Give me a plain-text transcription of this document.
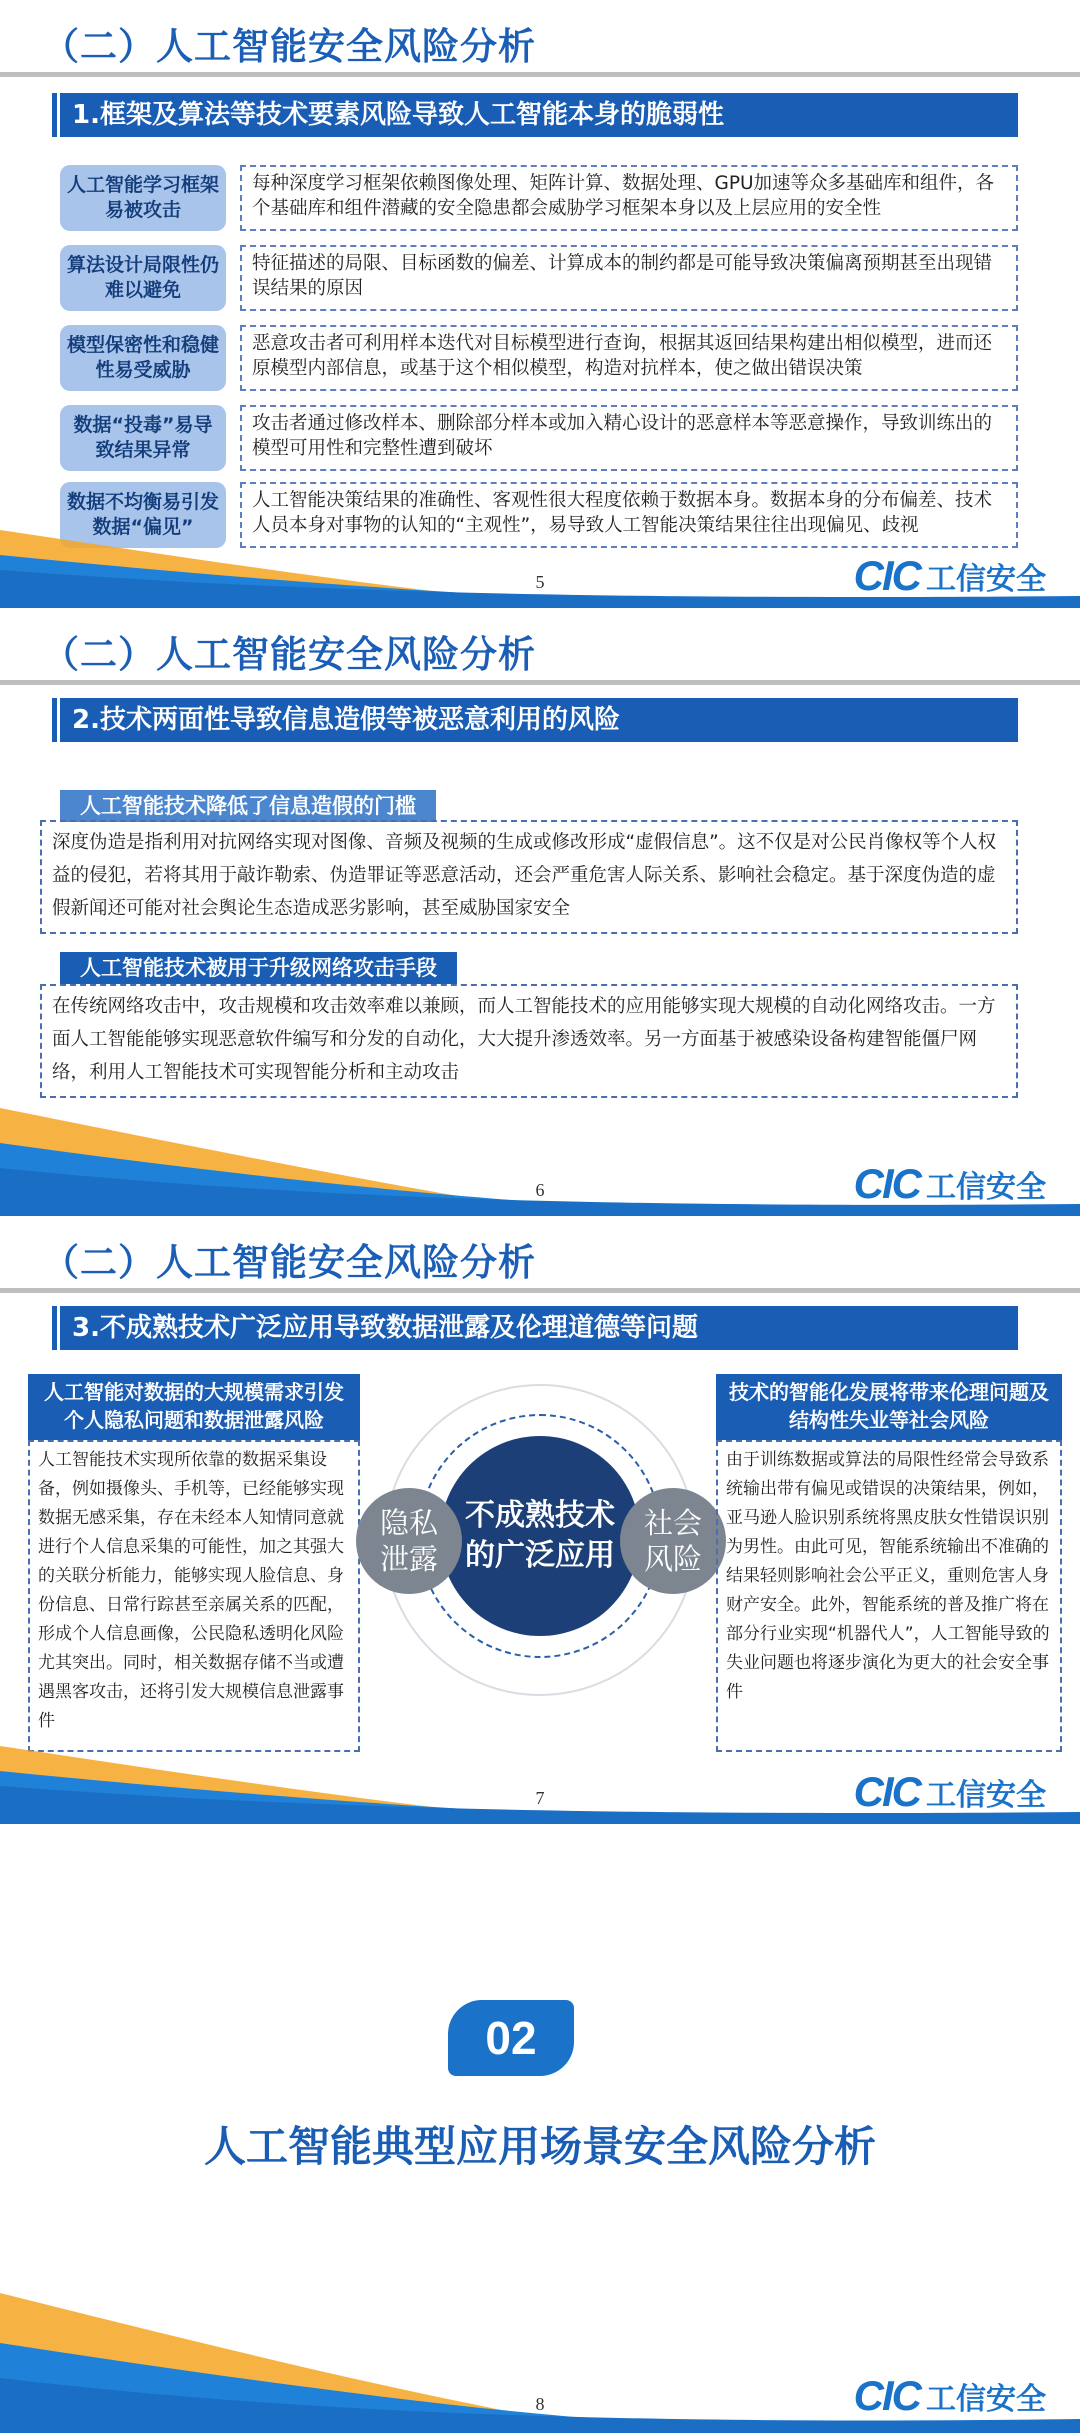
（二）人工智能安全风险分析
1.框架及算法等技术要素风险导致人工智能本身的脆弱性
人工智能学习框架易被攻击
每种深度学习框架依赖图像处理、矩阵计算、数据处理、GPU加速等众多基础库和组件，各个基础库和组件潜藏的安全隐患都会威胁学习框架本身以及上层应用的安全性
算法设计局限性仍难以避免
特征描述的局限、目标函数的偏差、计算成本的制约都是可能导致决策偏离预期甚至出现错误结果的原因
模型保密性和稳健性易受威胁
恶意攻击者可利用样本迭代对目标模型进行查询，根据其返回结果构建出相似模型，进而还原模型内部信息，或基于这个相似模型，构造对抗样本，使之做出错误决策
数据“投毒”易导致结果异常
攻击者通过修改样本、删除部分样本或加入精心设计的恶意样本等恶意操作，导致训练出的模型可用性和完整性遭到破坏
数据不均衡易引发数据“偏见”
人工智能决策结果的准确性、客观性很大程度依赖于数据本身。数据本身的分布偏差、技术人员本身对事物的认知的“主观性”，易导致人工智能决策结果往往出现偏见、歧视
5	CIC 工信安全
（二）人工智能安全风险分析
2.技术两面性导致信息造假等被恶意利用的风险
人工智能技术降低了信息造假的门槛
深度伪造是指利用对抗网络实现对图像、音频及视频的生成或修改形成“虚假信息”。这不仅是对公民肖像权等个人权益的侵犯，若将其用于敲诈勒索、伪造罪证等恶意活动，还会严重危害人际关系、影响社会稳定。基于深度伪造的虚假新闻还可能对社会舆论生态造成恶劣影响，甚至威胁国家安全
人工智能技术被用于升级网络攻击手段
在传统网络攻击中，攻击规模和攻击效率难以兼顾，而人工智能技术的应用能够实现大规模的自动化网络攻击。一方面人工智能能够实现恶意软件编写和分发的自动化，大大提升渗透效率。另一方面基于被感染设备构建智能僵尸网络，利用人工智能技术可实现智能分析和主动攻击
6	CIC 工信安全
（二）人工智能安全风险分析
3.不成熟技术广泛应用导致数据泄露及伦理道德等问题
人工智能对数据的大规模需求引发个人隐私问题和数据泄露风险
人工智能技术实现所依靠的数据采集设备，例如摄像头、手机等，已经能够实现数据无感采集，存在未经本人知情同意就进行个人信息采集的可能性，加之其强大的关联分析能力，能够实现人脸信息、身份信息、日常行踪甚至亲属关系的匹配，形成个人信息画像，公民隐私透明化风险尤其突出。同时，相关数据存储不当或遭遇黑客攻击，还将引发大规模信息泄露事件
不成熟技术
的广泛应用
隐私
泄露
社会
风险
技术的智能化发展将带来伦理问题及结构性失业等社会风险
由于训练数据或算法的局限性经常会导致系统输出带有偏见或错误的决策结果，例如，亚马逊人脸识别系统将黑皮肤女性错误识别为男性。由此可见，智能系统输出不准确的结果轻则影响社会公平正义，重则危害人身财产安全。此外，智能系统的普及推广将在部分行业实现“机器代人”，人工智能导致的失业问题也将逐步演化为更大的社会安全事件
7	CIC 工信安全
02
人工智能典型应用场景安全风险分析
8	CIC 工信安全
